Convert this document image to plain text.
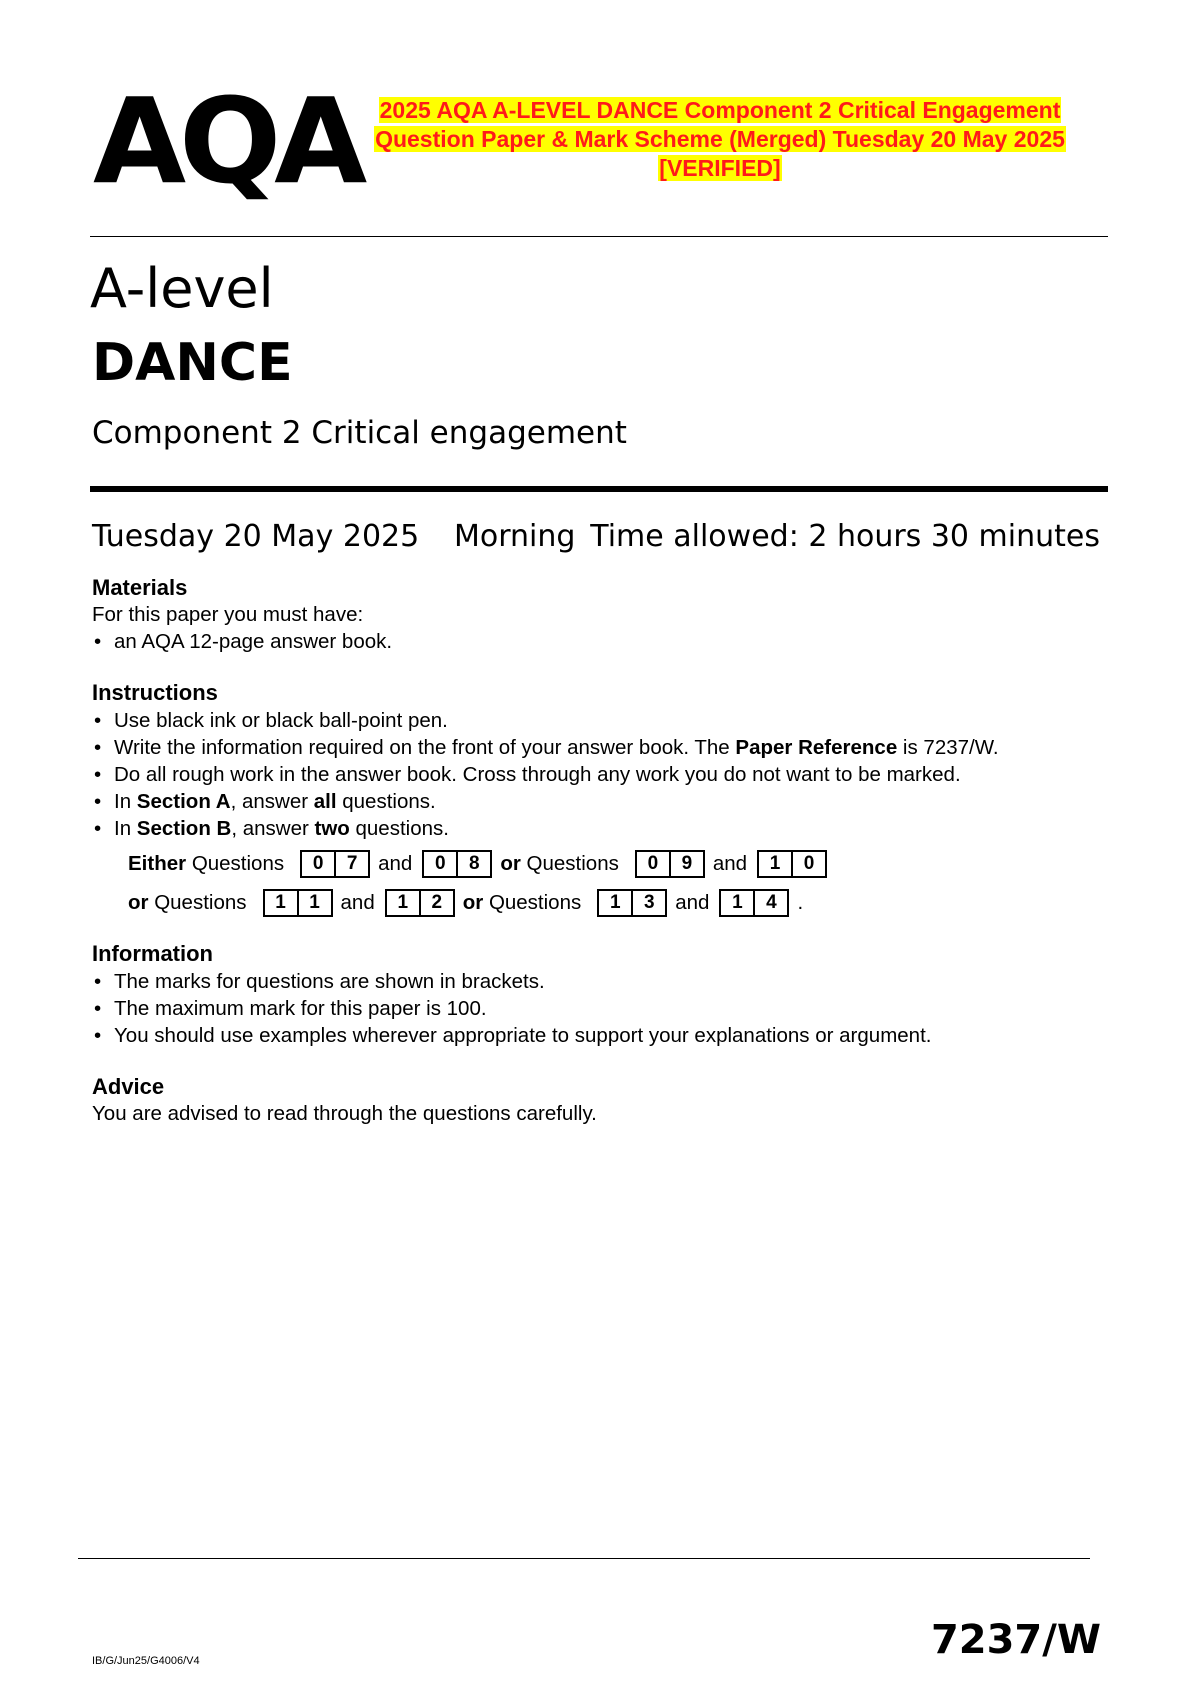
AQA 2025 AQA A-LEVEL DANCE Component 2 Critical Engagement
Question Paper & Mark Scheme (Merged) Tuesday 20 May 2025
[VERIFIED]
A-level
DANCE
Component 2 Critical engagement
Tuesday 20 May 2025 Morning Time allowed: 2 hours 30 minutes
Materials
For this paper you must have:
• an AQA 12-page answer book.
Instructions
• Use black ink or black ball-point pen.
• Write the information required on the front of your answer book. The Paper Reference is 7237/W.
• Do all rough work in the answer book. Cross through any work you do not want to be marked.
• In Section A, answer all questions.
• In Section B, answer two questions.
Either
Questions	0	7	and	0	8	or
Questions	0	9	and	1	0
or
Questions	1	1	and	1	2	or
Questions	1	3	and	1	4	.
Information
• The marks for questions are shown in brackets.
• The maximum mark for this paper is 100.
• You should use examples wherever appropriate to support your explanations or argument.
Advice
You are advised to read through the questions carefully.
IB/G/Jun25/G4006/V4	7237/W
